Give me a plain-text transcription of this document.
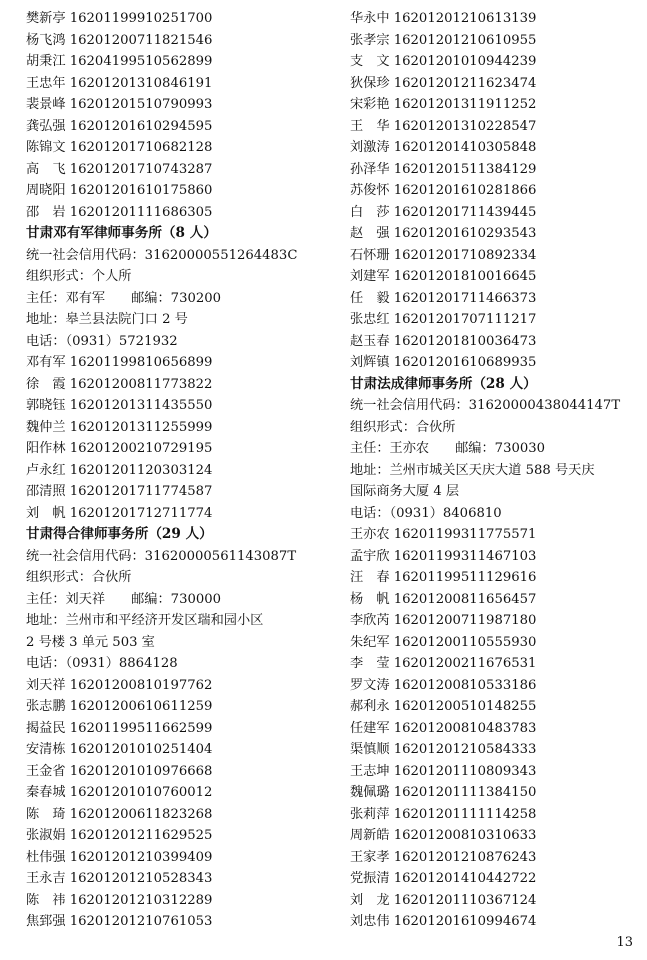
樊新亭 16201199910251700
杨飞鸿 16201200711821546
胡秉江 16204199510562899
王忠年 16201201310846191
裴景峰 16201201510790993
龚弘强 16201201610294595
陈锦文 16201201710682128
高　飞 16201201710743287
周晓阳 16201201610175860
邵　岩 16201201111686305
甘肃邓有军律师事务所（8 人）
统一社会信用代码：31620000551264483C
组织形式：个人所
主任：邓有军 邮编：730200
地址：皋兰县法院门口 2 号
电话：（0931）5721932
邓有军 16201199810656899
徐　霞 16201200811773822
郭晓钰 16201201311435550
魏仲兰 16201201311255999
阳作林 16201200210729195
卢永红 16201201120303124
邵清照 16201201711774587
刘　帆 16201201712711774
甘肃得合律师事务所（29 人）
统一社会信用代码：31620000561143087T
组织形式：合伙所
主任：刘天祥 邮编：730000
地址：兰州市和平经济开发区瑞和园小区
2 号楼 3 单元 503 室
电话：（0931）8864128
刘天祥 16201200810197762
张志鹏 16201200610611259
揭益民 16201199511662599
安清栋 16201201010251404
王金省 16201201010976668
秦春城 16201201010760012
陈　琦 16201200611823268
张淑娟 16201201211629525
杜伟强 16201201210399409
王永吉 16201201210528343
陈　祎 16201201210312289
焦郅强 16201201210761053
华永中 16201201210613139
张孝宗 16201201210610955
支　文 16201201010944239
狄保珍 16201201211623474
宋彩艳 16201201311911252
王　华 16201201310228547
刘激涛 16201201410305848
孙泽华 16201201511384129
苏俊怀 16201201610281866
白　莎 16201201711439445
赵　强 16201201610293543
石怀珊 16201201710892334
刘建军 16201201810016645
任　毅 16201201711466373
张忠红 16201201707111217
赵玉春 16201201810036473
刘辉镇 16201201610689935
甘肃法成律师事务所（28 人）
统一社会信用代码：31620000438044147T
组织形式：合伙所
主任：王亦农 邮编：730030
地址：兰州市城关区天庆大道 588 号天庆
国际商务大厦 4 层
电话：（0931）8406810
王亦农 16201199311775571
孟宇欣 16201199311467103
汪　春 16201199511129616
杨　帆 16201200811656457
李欣芮 16201200711987180
朱纪军 16201200110555930
李　莹 16201200211676531
罗文涛 16201200810533186
郝利永 16201200510148255
任建军 16201200810483783
渠慎顺 16201201210584333
王志坤 16201201110809343
魏佩璐 16201201111384150
张莉萍 16201201111114258
周新皓 16201200810310633
王家孝 16201201210876243
党振清 16201201410442722
刘　龙 16201201110367124
刘忠伟 16201201610994674
13
